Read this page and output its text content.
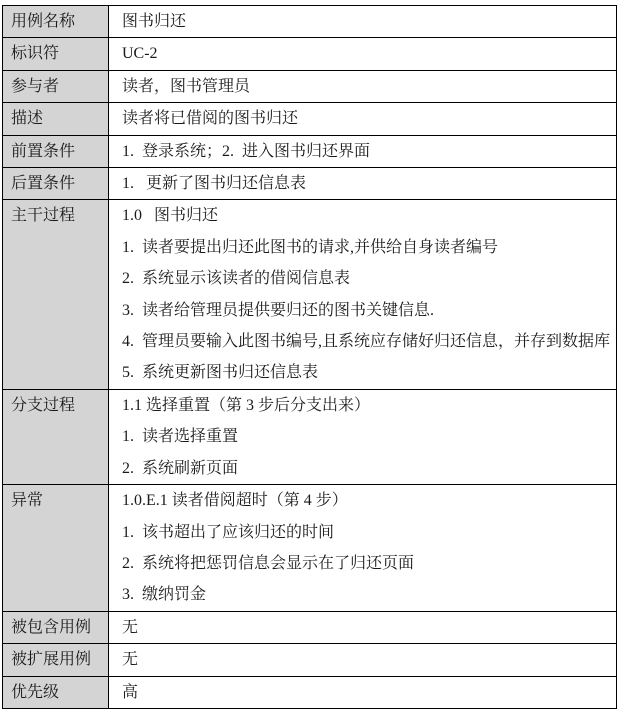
用例名称	图书归还
标识符	UC-2
参与者	读者，图书管理员
描述	读者将已借阅的图书归还
前置条件	1.  登录系统；2.  进入图书归还界面
后置条件	1.   更新了图书归还信息表
主干过程	1.0   图书归还
1.  读者要提出归还此图书的请求,并供给自身读者编号
2.  系统显示该读者的借阅信息表
3.  读者给管理员提供要归还的图书关键信息.
4.  管理员要输入此图书编号,且系统应存储好归还信息，并存到数据库
5.  系统更新图书归还信息表
分支过程	1.1 选择重置（第 3 步后分支出来）
1.  读者选择重置
2.  系统刷新页面
异常	1.0.E.1 读者借阅超时（第 4 步）
1.  该书超出了应该归还的时间
2.  系统将把惩罚信息会显示在了归还页面
3.  缴纳罚金
被包含用例	无
被扩展用例	无
优先级	高
